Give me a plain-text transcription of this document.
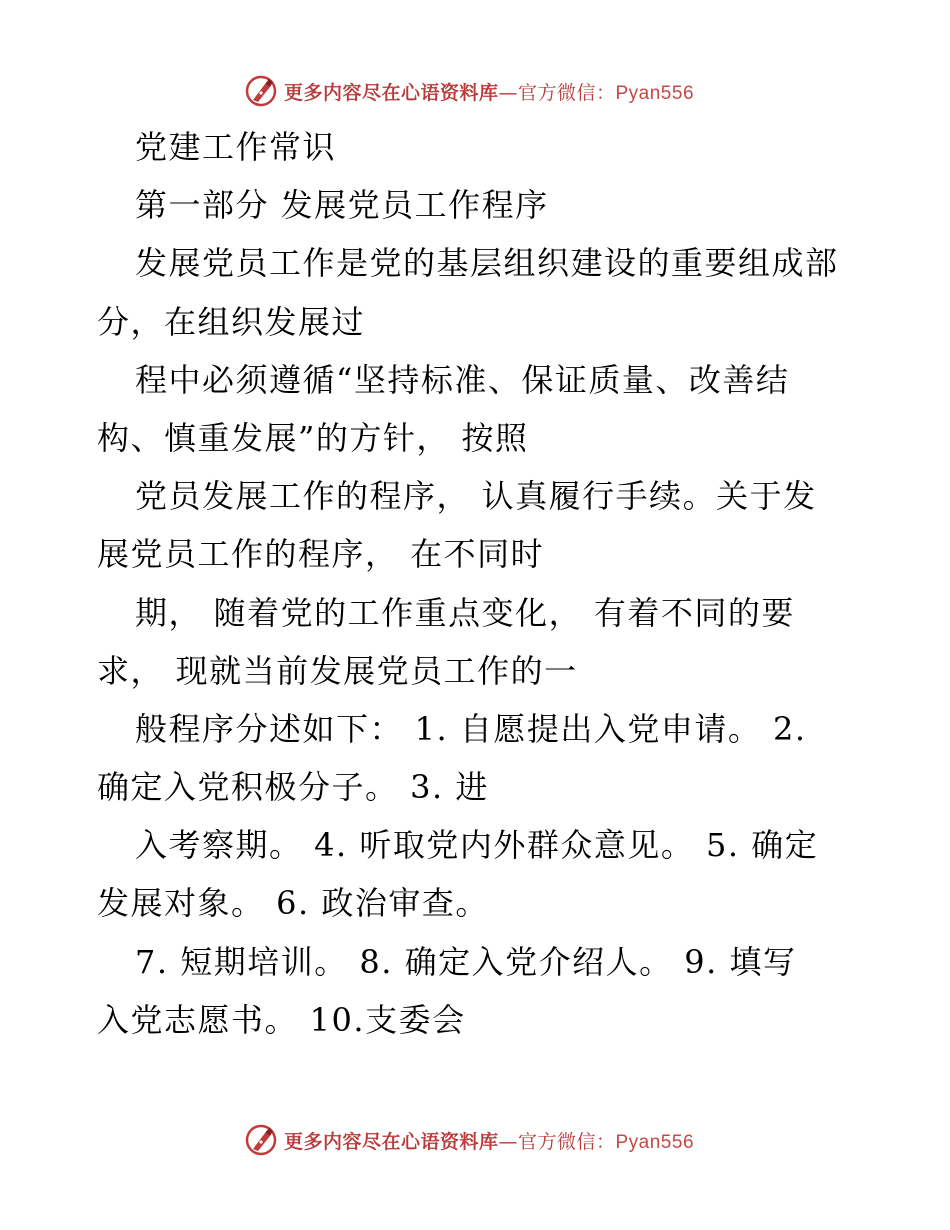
更多内容尽在心语资料库—官方微信：Pyan556
党建工作常识
第一部分 发展党员工作程序
发展党员工作是党的基层组织建设的重要组成部
分，在组织发展过
程中必须遵循“坚持标准、保证质量、改善结
构、慎重发展”的方针， 按照
党员发展工作的程序， 认真履行手续。关于发
展党员工作的程序， 在不同时
期， 随着党的工作重点变化， 有着不同的要
求， 现就当前发展党员工作的一
般程序分述如下： 1. 自愿提出入党申请。 2.
确定入党积极分子。 3. 进
入考察期。 4. 听取党内外群众意见。 5. 确定
发展对象。 6. 政治审查。
7. 短期培训。 8. 确定入党介绍人。 9. 填写
入党志愿书。 10.支委会
更多内容尽在心语资料库—官方微信：Pyan556
